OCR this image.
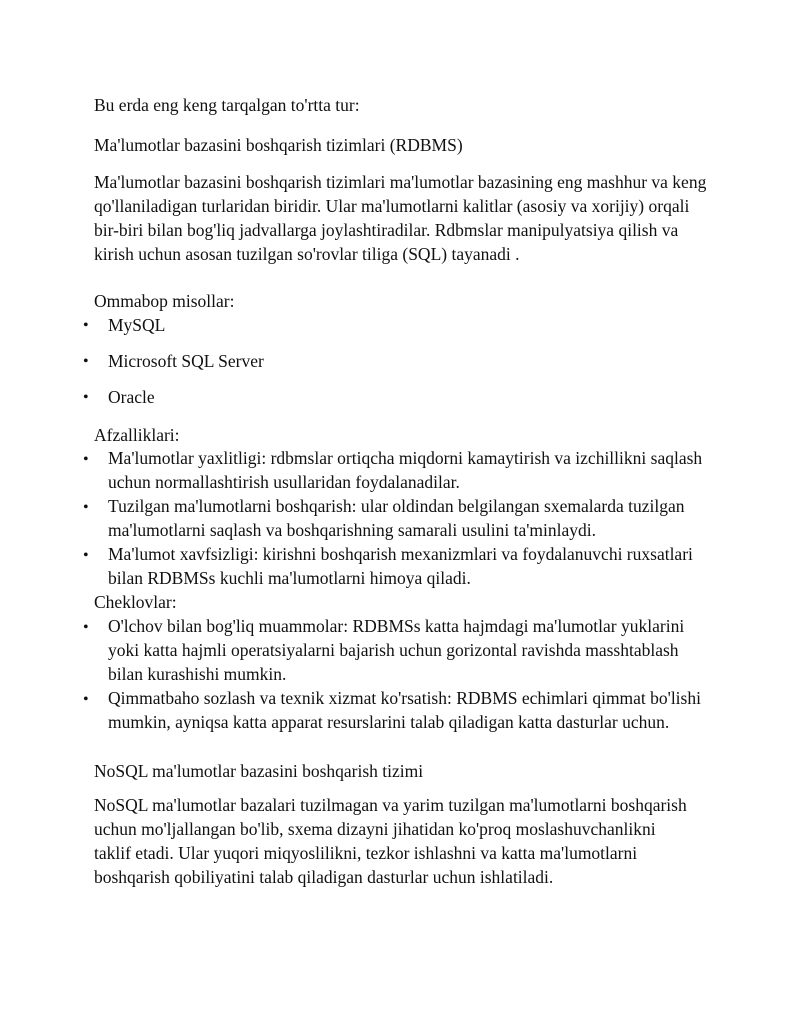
Bu erda eng keng tarqalgan to'rtta tur:
Ma'lumotlar bazasini boshqarish tizimlari (RDBMS)
Ma'lumotlar bazasini boshqarish tizimlari ma'lumotlar bazasining eng mashhur va keng qo'llaniladigan turlaridan biridir. Ular ma'lumotlarni kalitlar (asosiy va xorijiy) orqali bir-biri bilan bog'liq jadvallarga joylashtiradilar. Rdbmslar manipulyatsiya qilish va kirish uchun asosan tuzilgan so'rovlar tiliga (SQL) tayanadi .
Ommabop misollar:
• MySQL
• Microsoft SQL Server
• Oracle
Afzalliklari:
• Ma'lumotlar yaxlitligi: rdbmslar ortiqcha miqdorni kamaytirish va izchillikni saqlash uchun normallashtirish usullaridan foydalanadilar.
• Tuzilgan ma'lumotlarni boshqarish: ular oldindan belgilangan sxemalarda tuzilgan ma'lumotlarni saqlash va boshqarishning samarali usulini ta'minlaydi.
• Ma'lumot xavfsizligi: kirishni boshqarish mexanizmlari va foydalanuvchi ruxsatlari bilan RDBMSs kuchli ma'lumotlarni himoya qiladi.
Cheklovlar:
• O'lchov bilan bog'liq muammolar: RDBMSs katta hajmdagi ma'lumotlar yuklarini yoki katta hajmli operatsiyalarni bajarish uchun gorizontal ravishda masshtablash bilan kurashishi mumkin.
• Qimmatbaho sozlash va texnik xizmat ko'rsatish: RDBMS echimlari qimmat bo'lishi mumkin, ayniqsa katta apparat resurslarini talab qiladigan katta dasturlar uchun.
NoSQL ma'lumotlar bazasini boshqarish tizimi
NoSQL ma'lumotlar bazalari tuzilmagan va yarim tuzilgan ma'lumotlarni boshqarish uchun mo'ljallangan bo'lib, sxema dizayni jihatidan ko'proq moslashuvchanlikni taklif etadi. Ular yuqori miqyoslilikni, tezkor ishlashni va katta ma'lumotlarni boshqarish qobiliyatini talab qiladigan dasturlar uchun ishlatiladi.
